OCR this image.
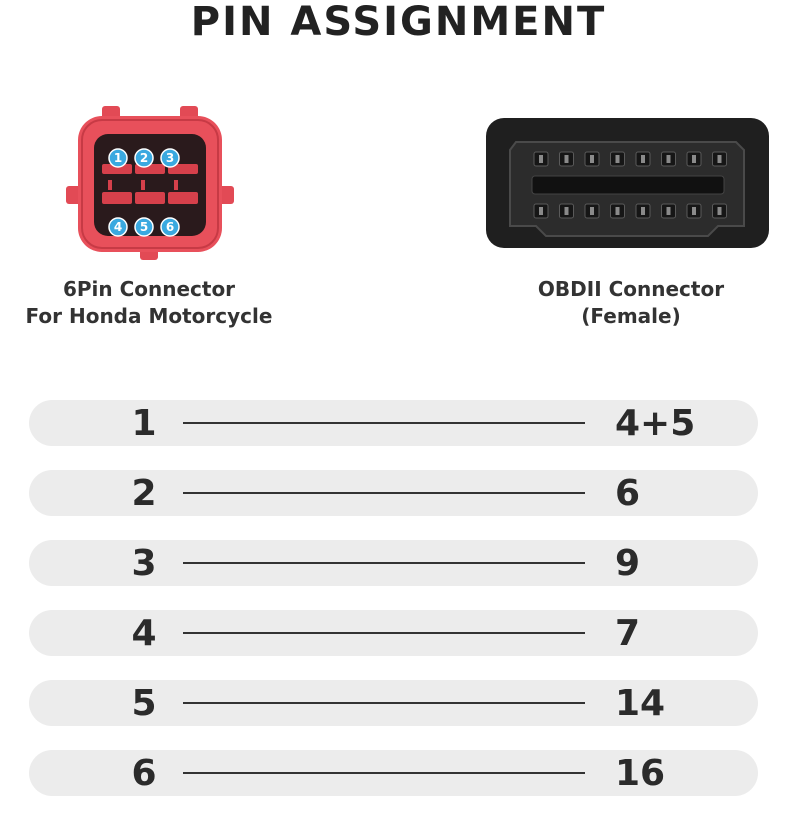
PIN ASSIGNMENT
1 2 3
4 5 6
6Pin Connector
For Honda Motorcycle
OBDII Connector
(Female)
1	4+5
2	6
3	9
4	7
5	14
6	16
